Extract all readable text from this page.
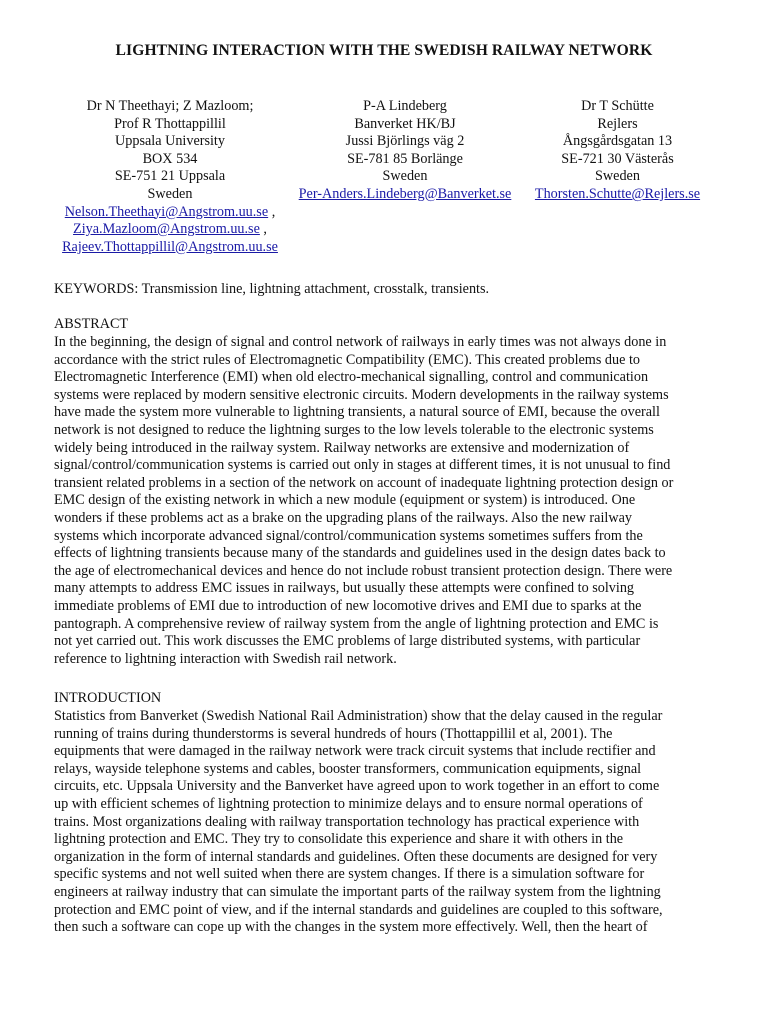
LIGHTNING INTERACTION WITH THE SWEDISH RAILWAY NETWORK
Dr N Theethayi; Z Mazloom;
Prof R Thottappillil
Uppsala University
BOX 534
SE-751 21 Uppsala
Sweden
Nelson.Theethayi@Angstrom.uu.se ,
Ziya.Mazloom@Angstrom.uu.se ,
Rajeev.Thottappillil@Angstrom.uu.se
P-A Lindeberg
Banverket HK/BJ
Jussi Björlings väg 2
SE-781 85 Borlänge
Sweden
Per-Anders.Lindeberg@Banverket.se
Dr T Schütte
Rejlers
Ångsgårdsgatan 13
SE-721 30 Västerås
Sweden
Thorsten.Schutte@Rejlers.se
KEYWORDS: Transmission line, lightning attachment, crosstalk, transients.
ABSTRACT
In the beginning, the design of signal and control network of railways in early times was not always done in
accordance with the strict rules of Electromagnetic Compatibility (EMC). This created problems due to
Electromagnetic Interference (EMI) when old electro-mechanical signalling, control and communication
systems were replaced by modern sensitive electronic circuits. Modern developments in the railway systems
have made the system more vulnerable to lightning transients, a natural source of EMI, because the overall
network is not designed to reduce the lightning surges to the low levels tolerable to the electronic systems
widely being introduced in the railway system. Railway networks are extensive and modernization of
signal/control/communication systems is carried out only in stages at different times, it is not unusual to find
transient related problems in a section of the network on account of inadequate lightning protection design or
EMC design of the existing network in which a new module (equipment or system) is introduced. One
wonders if these problems act as a brake on the upgrading plans of the railways. Also the new railway
systems which incorporate advanced signal/control/communication systems sometimes suffers from the
effects of lightning transients because many of the standards and guidelines used in the design dates back to
the age of electromechanical devices and hence do not include robust transient protection design. There were
many attempts to address EMC issues in railways, but usually these attempts were confined to solving
immediate problems of EMI due to introduction of new locomotive drives and EMI due to sparks at the
pantograph. A comprehensive review of railway system from the angle of lightning protection and EMC is
not yet carried out. This work discusses the EMC problems of large distributed systems, with particular
reference to lightning interaction with Swedish rail network.
INTRODUCTION
Statistics from Banverket (Swedish National Rail Administration) show that the delay caused in the regular
running of trains during thunderstorms is several hundreds of hours (Thottappillil et al, 2001). The
equipments that were damaged in the railway network were track circuit systems that include rectifier and
relays, wayside telephone systems and cables, booster transformers, communication equipments, signal
circuits, etc. Uppsala University and the Banverket have agreed upon to work together in an effort to come
up with efficient schemes of lightning protection to minimize delays and to ensure normal operations of
trains. Most organizations dealing with railway transportation technology has practical experience with
lightning protection and EMC. They try to consolidate this experience and share it with others in the
organization in the form of internal standards and guidelines. Often these documents are designed for very
specific systems and not well suited when there are system changes. If there is a simulation software for
engineers at railway industry that can simulate the important parts of the railway system from the lightning
protection and EMC point of view, and if the internal standards and guidelines are coupled to this software,
then such a software can cope up with the changes in the system more effectively. Well, then the heart of
